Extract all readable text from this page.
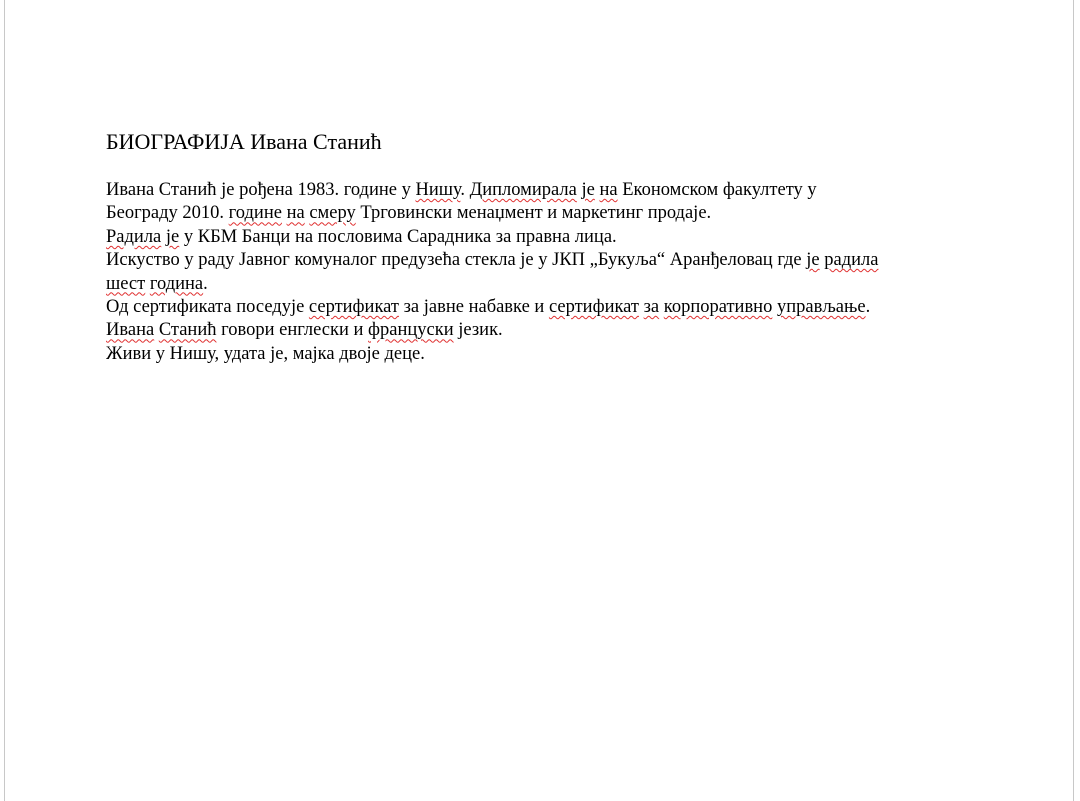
БИОГРАФИЈА Ивана Станић
Ивана Станић је рођена 1983. године у Нишу. Дипломирала је на Економском факултету у
Београду 2010. године на смеру Трговински менаџмент и маркетинг продаје.
Радила је у КБМ Банци на пословима Сарадника за правна лица.
Искуство у раду Јавног комуналог предузећа стекла је у ЈКП „Букуља“ Аранђеловац где је радила
шест година.
Од сертификата поседује сертификат за јавне набавке и сертификат за корпоративно управљање.
Ивана Станић говори енглески и француски језик.
Живи у Нишу, удата је, мајка двоје деце.
